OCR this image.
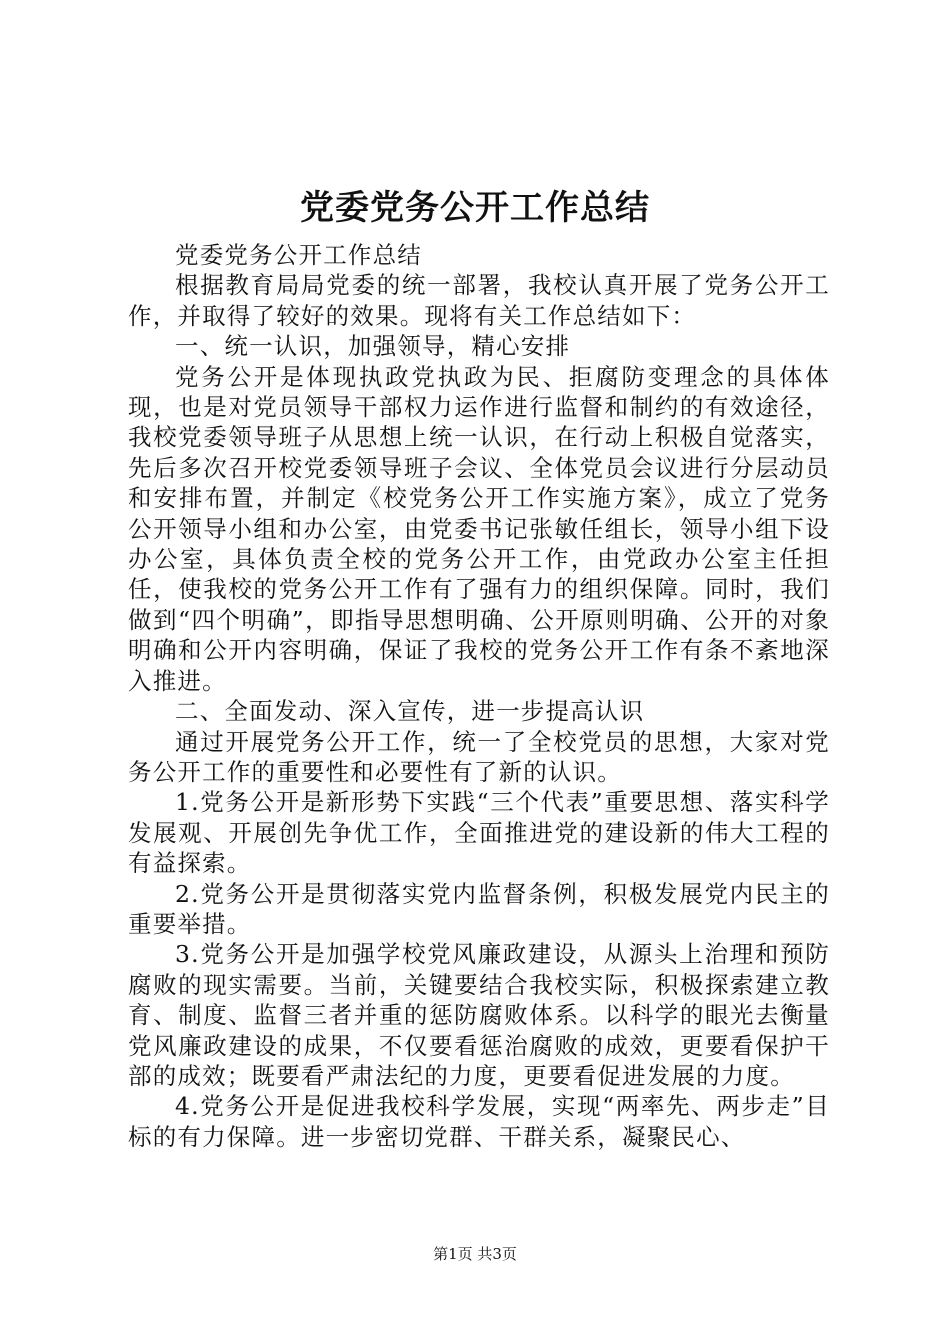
党委党务公开工作总结

党委党务公开工作总结

根据教育局局党委的统一部署，我校认真开展了党务公开工作，并取得了较好的效果。现将有关工作总结如下：

一、统一认识，加强领导，精心安排

党务公开是体现执政党执政为民、拒腐防变理念的具体体现，也是对党员领导干部权力运作进行监督和制约的有效途径，我校党委领导班子从思想上统一认识，在行动上积极自觉落实，先后多次召开校党委领导班子会议、全体党员会议进行分层动员和安排布置，并制定《校党务公开工作实施方案》，成立了党务公开领导小组和办公室，由党委书记张敏任组长，领导小组下设办公室，具体负责全校的党务公开工作，由党政办公室主任担任，使我校的党务公开工作有了强有力的组织保障。同时，我们做到“四个明确”，即指导思想明确、公开原则明确、公开的对象明确和公开内容明确，保证了我校的党务公开工作有条不紊地深入推进。

二、全面发动、深入宣传，进一步提高认识

通过开展党务公开工作，统一了全校党员的思想，大家对党务公开工作的重要性和必要性有了新的认识。

1.党务公开是新形势下实践“三个代表”重要思想、落实科学发展观、开展创先争优工作，全面推进党的建设新的伟大工程的有益探索。

2.党务公开是贯彻落实党内监督条例，积极发展党内民主的重要举措。

3.党务公开是加强学校党风廉政建设，从源头上治理和预防腐败的现实需要。当前，关键要结合我校实际，积极探索建立教育、制度、监督三者并重的惩防腐败体系。以科学的眼光去衡量党风廉政建设的成果，不仅要看惩治腐败的成效，更要看保护干部的成效；既要看严肃法纪的力度，更要看促进发展的力度。

4.党务公开是促进我校科学发展，实现“两率先、两步走”目标的有力保障。进一步密切党群、干群关系，凝聚民心、

第1页 共3页
